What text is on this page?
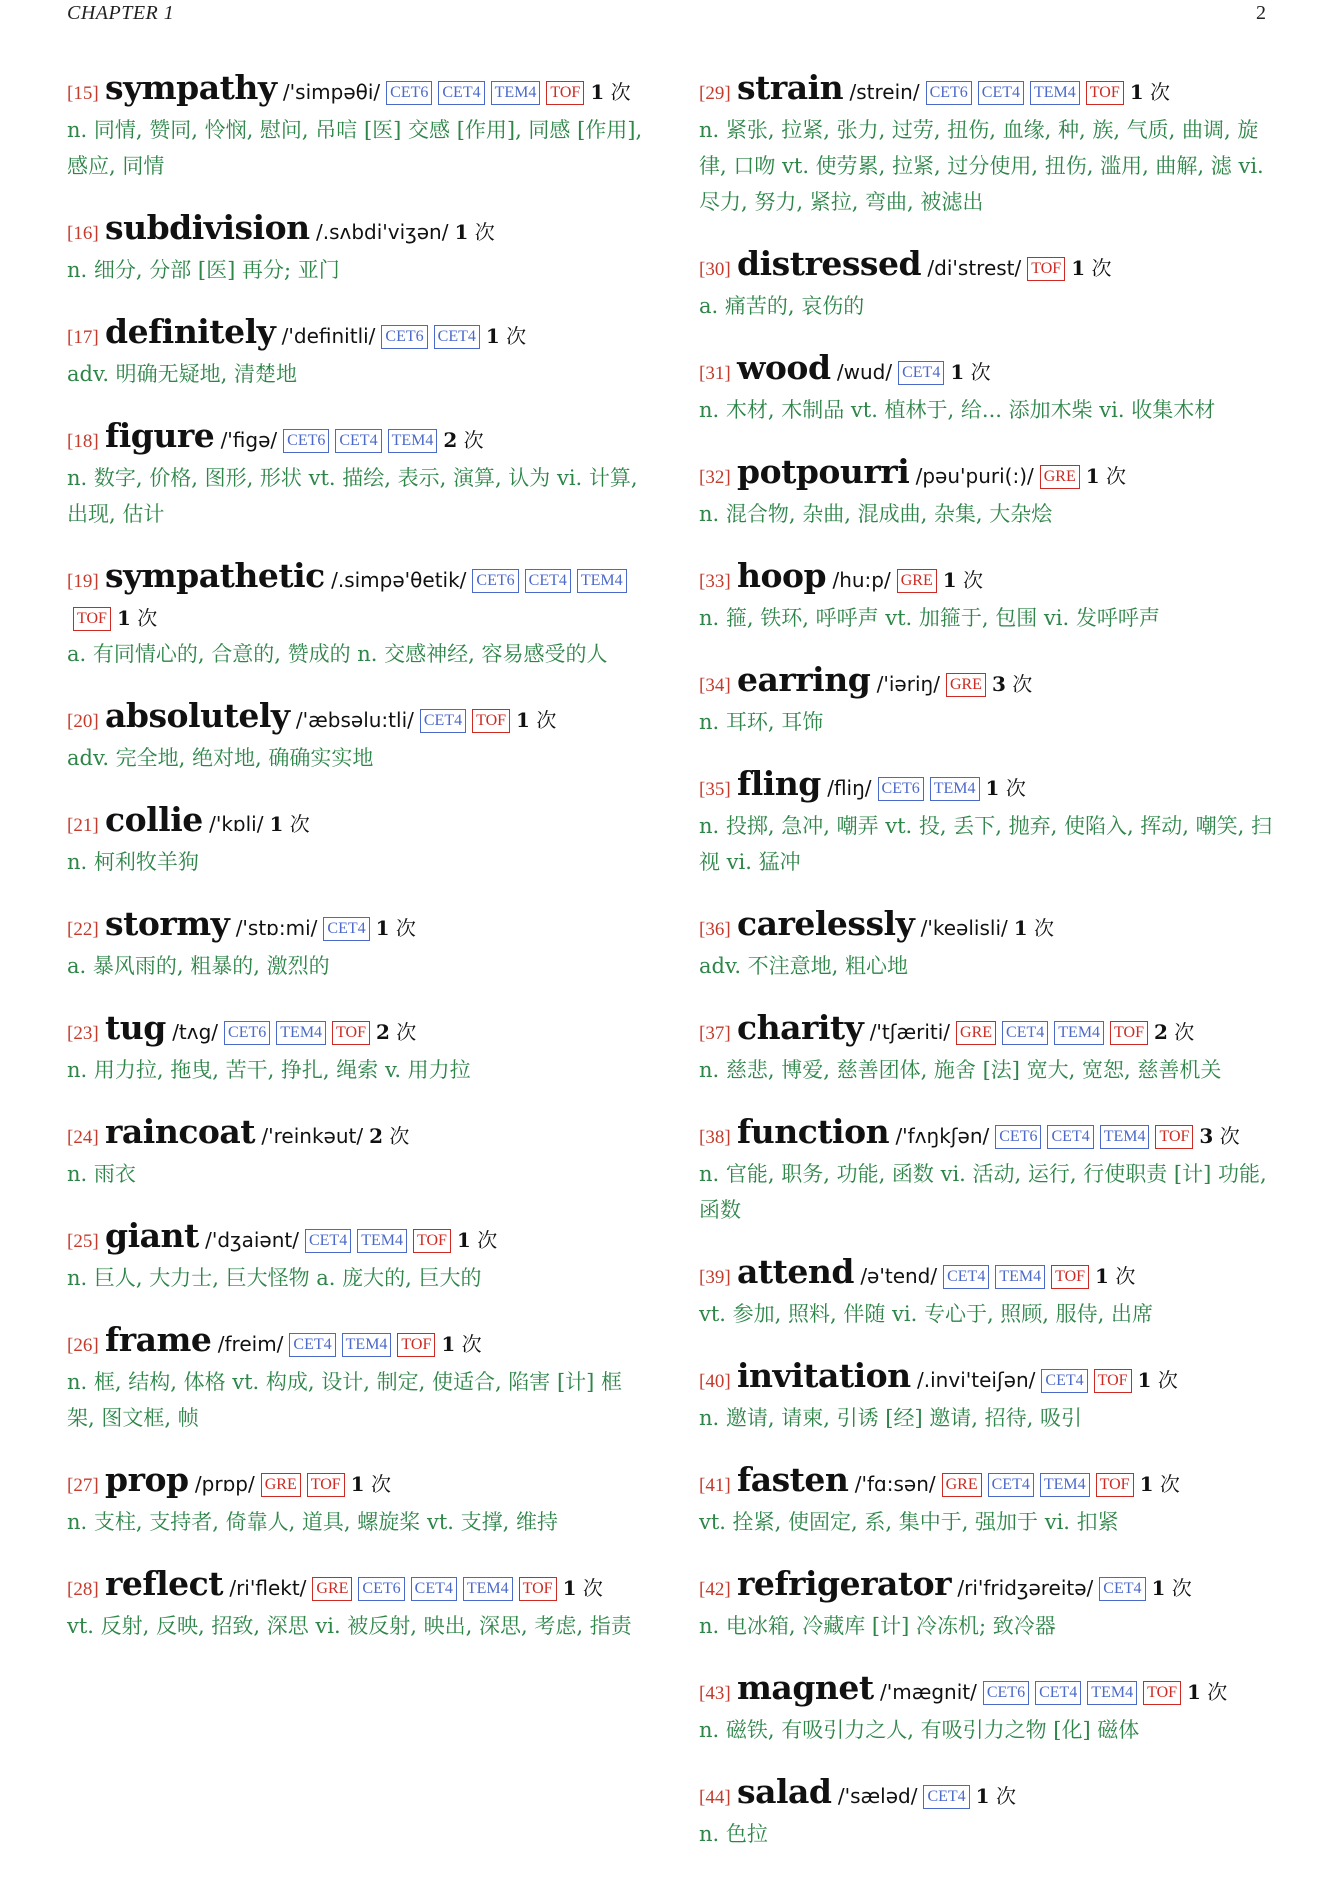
CHAPTER 1	2
[15] sympathy /'simpəθi/ CET6 CET4 TEM4 TOF 1 次
n. 同情, 赞同, 怜悯, 慰问, 吊唁 [医] 交感 [作用], 同感 [作用], 感应, 同情
[16] subdivision /.sʌbdi'viʒən/ 1 次
n. 细分, 分部 [医] 再分; 亚门
[17] definitely /'definitli/ CET6 CET4 1 次
adv. 明确无疑地, 清楚地
[18] figure /'figə/ CET6 CET4 TEM4 2 次
n. 数字, 价格, 图形, 形状 vt. 描绘, 表示, 演算, 认为 vi. 计算, 出现, 估计
[19] sympathetic /.simpə'θetik/ CET6 CET4 TEM4TOF 1 次
a. 有同情心的, 合意的, 赞成的 n. 交感神经, 容易感受的人
[20] absolutely /'æbsəlu:tli/ CET4 TOF 1 次
adv. 完全地, 绝对地, 确确实实地
[21] collie /'kɒli/ 1 次
n. 柯利牧羊狗
[22] stormy /'stɒ:mi/ CET4 1 次
a. 暴风雨的, 粗暴的, 激烈的
[23] tug /tʌg/ CET6 TEM4 TOF 2 次
n. 用力拉, 拖曳, 苦干, 挣扎, 绳索 v. 用力拉
[24] raincoat /'reinkəut/ 2 次
n. 雨衣
[25] giant /'dʒaiənt/ CET4 TEM4 TOF 1 次
n. 巨人, 大力士, 巨大怪物 a. 庞大的, 巨大的
[26] frame /freim/ CET4 TEM4 TOF 1 次
n. 框, 结构, 体格 vt. 构成, 设计, 制定, 使适合, 陷害 [计] 框架, 图文框, 帧
[27] prop /prɒp/ GRE TOF 1 次
n. 支柱, 支持者, 倚靠人, 道具, 螺旋桨 vt. 支撑, 维持
[28] reflect /ri'flekt/ GRE CET6 CET4 TEM4 TOF 1 次
vt. 反射, 反映, 招致, 深思 vi. 被反射, 映出, 深思, 考虑, 指责
[29] strain /strein/ CET6 CET4 TEM4 TOF 1 次
n. 紧张, 拉紧, 张力, 过劳, 扭伤, 血缘, 种, 族, 气质, 曲调, 旋律, 口吻 vt. 使劳累, 拉紧, 过分使用, 扭伤, 滥用, 曲解, 滤 vi. 尽力, 努力, 紧拉, 弯曲, 被滤出
[30] distressed /di'strest/ TOF 1 次
a. 痛苦的, 哀伤的
[31] wood /wud/ CET4 1 次
n. 木材, 木制品 vt. 植林于, 给... 添加木柴 vi. 收集木材
[32] potpourri /pəu'puri(:)/ GRE 1 次
n. 混合物, 杂曲, 混成曲, 杂集, 大杂烩
[33] hoop /hu:p/ GRE 1 次
n. 箍, 铁环, 呼呼声 vt. 加箍于, 包围 vi. 发呼呼声
[34] earring /'iəriŋ/ GRE 3 次
n. 耳环, 耳饰
[35] fling /fliŋ/ CET6 TEM4 1 次
n. 投掷, 急冲, 嘲弄 vt. 投, 丢下, 抛弃, 使陷入, 挥动, 嘲笑, 扫视 vi. 猛冲
[36] carelessly /'keəlisli/ 1 次
adv. 不注意地, 粗心地
[37] charity /'tʃæriti/ GRE CET4 TEM4 TOF 2 次
n. 慈悲, 博爱, 慈善团体, 施舍 [法] 宽大, 宽恕, 慈善机关
[38] function /'fʌŋkʃən/ CET6 CET4 TEM4 TOF 3 次
n. 官能, 职务, 功能, 函数 vi. 活动, 运行, 行使职责 [计] 功能, 函数
[39] attend /ə'tend/ CET4 TEM4 TOF 1 次
vt. 参加, 照料, 伴随 vi. 专心于, 照顾, 服侍, 出席
[40] invitation /.invi'teiʃən/ CET4 TOF 1 次
n. 邀请, 请柬, 引诱 [经] 邀请, 招待, 吸引
[41] fasten /'fɑ:sən/ GRE CET4 TEM4 TOF 1 次
vt. 拴紧, 使固定, 系, 集中于, 强加于 vi. 扣紧
[42] refrigerator /ri'fridʒəreitə/ CET4 1 次
n. 电冰箱, 冷藏库 [计] 冷冻机; 致冷器
[43] magnet /'mægnit/ CET6 CET4 TEM4 TOF 1 次
n. 磁铁, 有吸引力之人, 有吸引力之物 [化] 磁体
[44] salad /'sæləd/ CET4 1 次
n. 色拉
